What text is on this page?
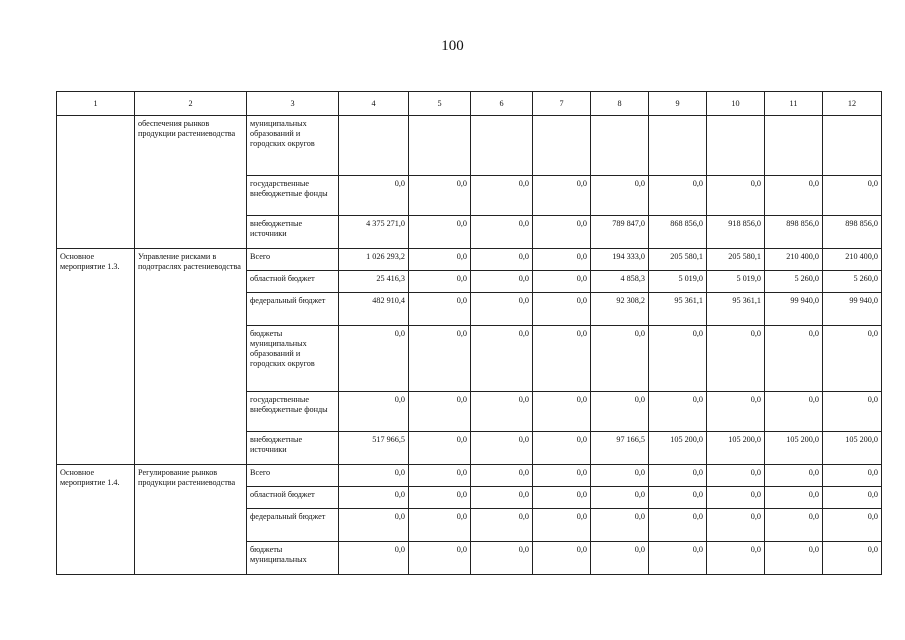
100
1	2	3	4	5	6	7	8	9	10	11	12
	обеспечения рынков продукции растениеводства	муниципальных образований и городских округов									
		государственные внебюджетные фонды	0,0	0,0	0,0	0,0	0,0	0,0	0,0	0,0	0,0
		внебюджетные источники	4 375 271,0	0,0	0,0	0,0	789 847,0	868 856,0	918 856,0	898 856,0	898 856,0
Основное мероприятие 1.3.	Управление рисками в подотраслях растениеводства	Всего	1 026 293,2	0,0	0,0	0,0	194 333,0	205 580,1	205 580,1	210 400,0	210 400,0
		областной бюджет	25 416,3	0,0	0,0	0,0	4 858,3	5 019,0	5 019,0	5 260,0	5 260,0
		федеральный бюджет	482 910,4	0,0	0,0	0,0	92 308,2	95 361,1	95 361,1	99 940,0	99 940,0
		бюджеты муниципальных образований и городских округов	0,0	0,0	0,0	0,0	0,0	0,0	0,0	0,0	0,0
		государственные внебюджетные фонды	0,0	0,0	0,0	0,0	0,0	0,0	0,0	0,0	0,0
		внебюджетные источники	517 966,5	0,0	0,0	0,0	97 166,5	105 200,0	105 200,0	105 200,0	105 200,0
Основное мероприятие 1.4.	Регулирование рынков продукции растениеводства	Всего	0,0	0,0	0,0	0,0	0,0	0,0	0,0	0,0	0,0
		областной бюджет	0,0	0,0	0,0	0,0	0,0	0,0	0,0	0,0	0,0
		федеральный бюджет	0,0	0,0	0,0	0,0	0,0	0,0	0,0	0,0	0,0
		бюджеты муниципальных	0,0	0,0	0,0	0,0	0,0	0,0	0,0	0,0	0,0
